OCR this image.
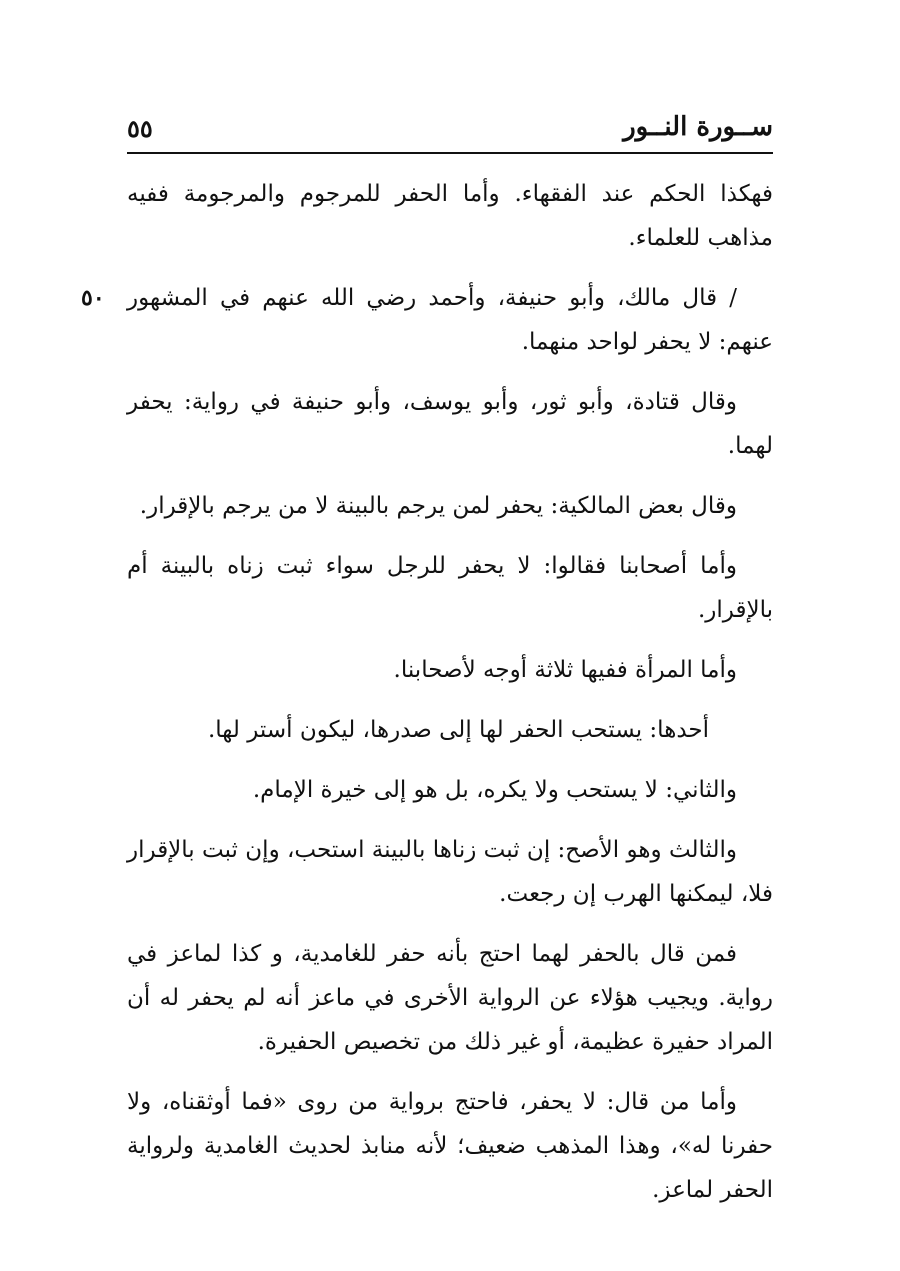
ســورة النــور
٥٥

فهكذا الحكم عند الفقهاء. وأما الحفر للمرجوم والمرجومة ففيه مذاهب للعلماء.

٥٠ / قال مالك، وأبو حنيفة، وأحمد رضي الله عنهم في المشهور عنهم: لا يحفر لواحد منهما.

وقال قتادة، وأبو ثور، وأبو يوسف، وأبو حنيفة في رواية: يحفر لهما.

وقال بعض المالكية: يحفر لمن يرجم بالبينة لا من يرجم بالإقرار.

وأما أصحابنا فقالوا: لا يحفر للرجل سواء ثبت زناه بالبينة أم بالإقرار.

وأما المرأة ففيها ثلاثة أوجه لأصحابنا.

أحدها: يستحب الحفر لها إلى صدرها، ليكون أستر لها.

والثاني: لا يستحب ولا يكره، بل هو إلى خيرة الإمام.

والثالث وهو الأصح: إن ثبت زناها بالبينة استحب، وإن ثبت بالإقرار فلا، ليمكنها الهرب إن رجعت.

فمن قال بالحفر لهما احتج بأنه حفر للغامدية، و كذا لماعز في رواية. ويجيب هؤلاء عن الرواية الأخرى في ماعز أنه لم يحفر له أن المراد حفيرة عظيمة، أو غير ذلك من تخصيص الحفيرة.

وأما من قال: لا يحفر، فاحتج برواية من روى «فما أوثقناه، ولا حفرنا له»، وهذا المذهب ضعيف؛ لأنه منابذ لحديث الغامدية ولرواية الحفر لماعز.
